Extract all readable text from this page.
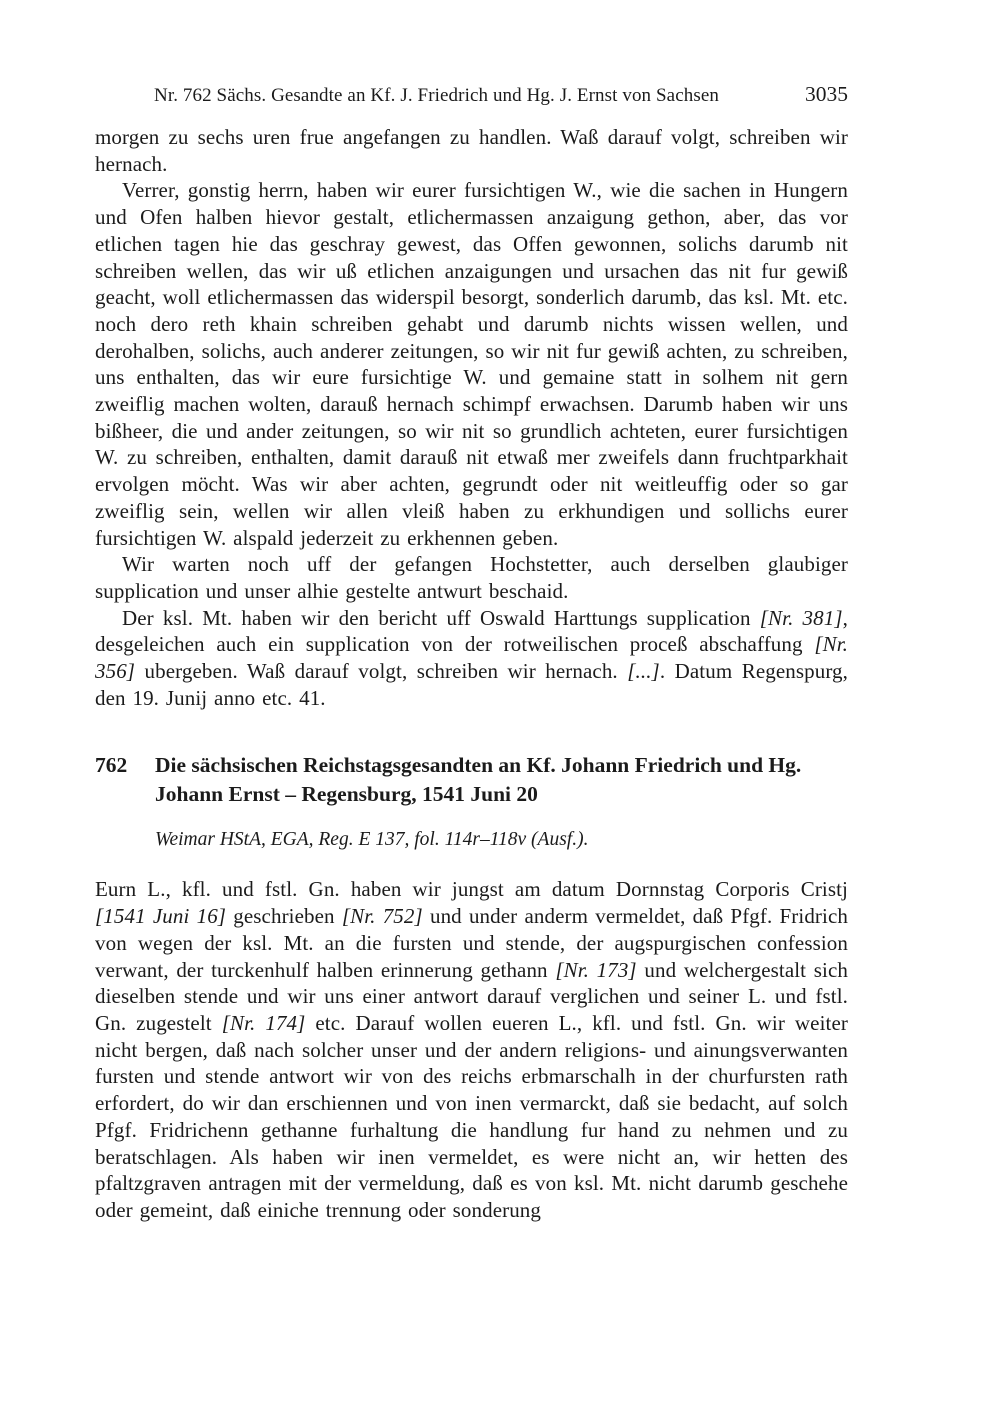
Nr. 762 Sächs. Gesandte an Kf. J. Friedrich und Hg. J. Ernst von Sachsen	3035

morgen zu sechs uren frue angefangen zu handlen. Waß darauf volgt, schreiben wir hernach.

Verrer, gonstig herrn, haben wir eurer fursichtigen W., wie die sachen in Hungern und Ofen halben hievor gestalt, etlichermassen anzaigung gethon, aber, das vor etlichen tagen hie das geschray gewest, das Offen gewonnen, solichs darumb nit schreiben wellen, das wir uß etlichen anzaigungen und ursachen das nit fur gewiß geacht, woll etlichermassen das widerspil besorgt, sonderlich darumb, das ksl. Mt. etc. noch dero reth khain schreiben gehabt und darumb nichts wissen wellen, und derohalben, solichs, auch anderer zeitungen, so wir nit fur gewiß achten, zu schreiben, uns enthalten, das wir eure fursichtige W. und gemaine statt in solhem nit gern zweiflig machen wolten, darauß hernach schimpf erwachsen. Darumb haben wir uns bißheer, die und ander zeitungen, so wir nit so grundlich achteten, eurer fursichtigen W. zu schreiben, enthalten, damit darauß nit etwaß mer zweifels dann fruchtparkhait ervolgen möcht. Was wir aber achten, gegrundt oder nit weitleuffig oder so gar zweiflig sein, wellen wir allen vleiß haben zu erkhundigen und sollichs eurer fursichtigen W. alspald jederzeit zu erkhennen geben.

Wir warten noch uff der gefangen Hochstetter, auch derselben glaubiger supplication und unser alhie gestelte antwurt beschaid.

Der ksl. Mt. haben wir den bericht uff Oswald Harttungs supplication [Nr. 381], desgeleichen auch ein supplication von der rotweilischen proceß abschaffung [Nr. 356] ubergeben. Waß darauf volgt, schreiben wir hernach. [...]. Datum Regenspurg, den 19. Junij anno etc. 41.

762	Die sächsischen Reichstagsgesandten an Kf. Johann Friedrich und Hg. Johann Ernst – Regensburg, 1541 Juni 20

Weimar HStA, EGA, Reg. E 137, fol. 114r–118v (Ausf.).

Eurn L., kfl. und fstl. Gn. haben wir jungst am datum Dornnstag Corporis Cristj [1541 Juni 16] geschrieben [Nr. 752] und under anderm vermeldet, daß Pfgf. Fridrich von wegen der ksl. Mt. an die fursten und stende, der augspurgischen confession verwant, der turckenhulf halben erinnerung gethann [Nr. 173] und welchergestalt sich dieselben stende und wir uns einer antwort darauf verglichen und seiner L. und fstl. Gn. zugestelt [Nr. 174] etc. Darauf wollen eueren L., kfl. und fstl. Gn. wir weiter nicht bergen, daß nach solcher unser und der andern religions- und ainungsverwanten fursten und stende antwort wir von des reichs erbmarschalh in der churfursten rath erfordert, do wir dan erschiennen und von inen vermarckt, daß sie bedacht, auf solch Pfgf. Fridrichenn gethanne furhaltung die handlung fur hand zu nehmen und zu beratschlagen. Als haben wir inen vermeldet, es were nicht an, wir hetten des pfaltzgraven antragen mit der vermeldung, daß es von ksl. Mt. nicht darumb geschehe oder gemeint, daß einiche trennung oder sonderung
